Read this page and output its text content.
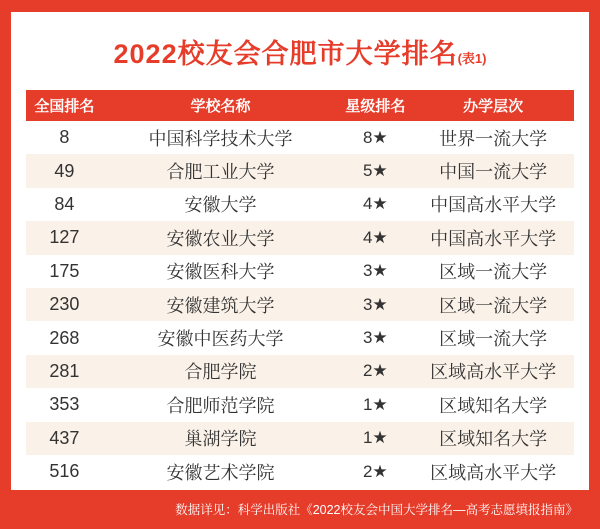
2022校友会合肥市大学排名(表1)
全国排名	学校名称	星级排名	办学层次
8	中国科学技术大学	8★	世界一流大学
49	合肥工业大学	5★	中国一流大学
84	安徽大学	4★	中国高水平大学
127	安徽农业大学	4★	中国高水平大学
175	安徽医科大学	3★	区域一流大学
230	安徽建筑大学	3★	区域一流大学
268	安徽中医药大学	3★	区域一流大学
281	合肥学院	2★	区域高水平大学
353	合肥师范学院	1★	区域知名大学
437	巢湖学院	1★	区域知名大学
516	安徽艺术学院	2★	区域高水平大学
数据详见：科学出版社《2022校友会中国大学排名—高考志愿填报指南》
